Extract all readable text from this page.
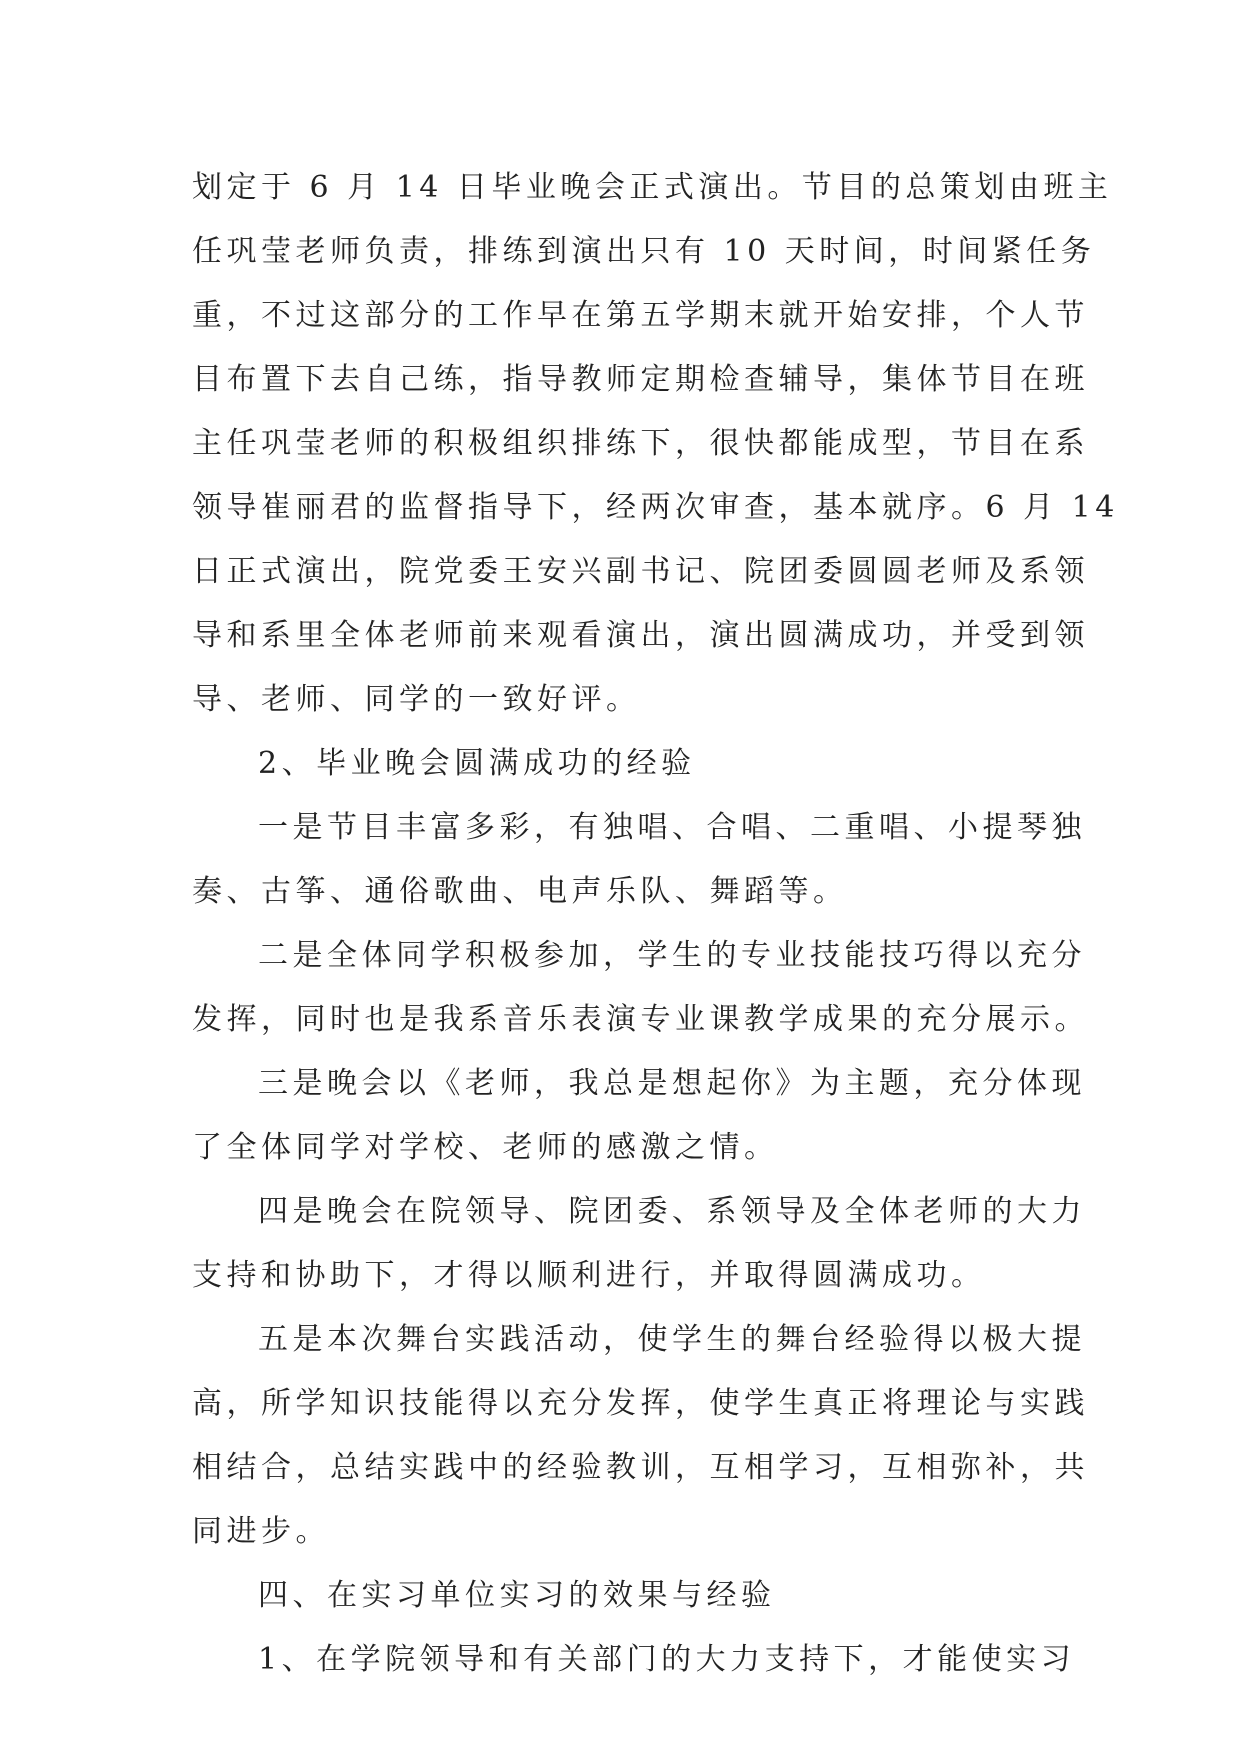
划定于 6 月 14 日毕业晚会正式演出。节目的总策划由班主
任巩莹老师负责，排练到演出只有 10 天时间，时间紧任务
重，不过这部分的工作早在第五学期末就开始安排，个人节
目布置下去自己练，指导教师定期检查辅导，集体节目在班
主任巩莹老师的积极组织排练下，很快都能成型，节目在系
领导崔丽君的监督指导下，经两次审查，基本就序。6 月 14
日正式演出，院党委王安兴副书记、院团委圆圆老师及系领
导和系里全体老师前来观看演出，演出圆满成功，并受到领
导、老师、同学的一致好评。
2、毕业晚会圆满成功的经验
一是节目丰富多彩，有独唱、合唱、二重唱、小提琴独
奏、古筝、通俗歌曲、电声乐队、舞蹈等。
二是全体同学积极参加，学生的专业技能技巧得以充分
发挥，同时也是我系音乐表演专业课教学成果的充分展示。
三是晚会以《老师，我总是想起你》为主题，充分体现
了全体同学对学校、老师的感激之情。
四是晚会在院领导、院团委、系领导及全体老师的大力
支持和协助下，才得以顺利进行，并取得圆满成功。
五是本次舞台实践活动，使学生的舞台经验得以极大提
高，所学知识技能得以充分发挥，使学生真正将理论与实践
相结合，总结实践中的经验教训，互相学习，互相弥补，共
同进步。
四、在实习单位实习的效果与经验
1、在学院领导和有关部门的大力支持下，才能使实习
